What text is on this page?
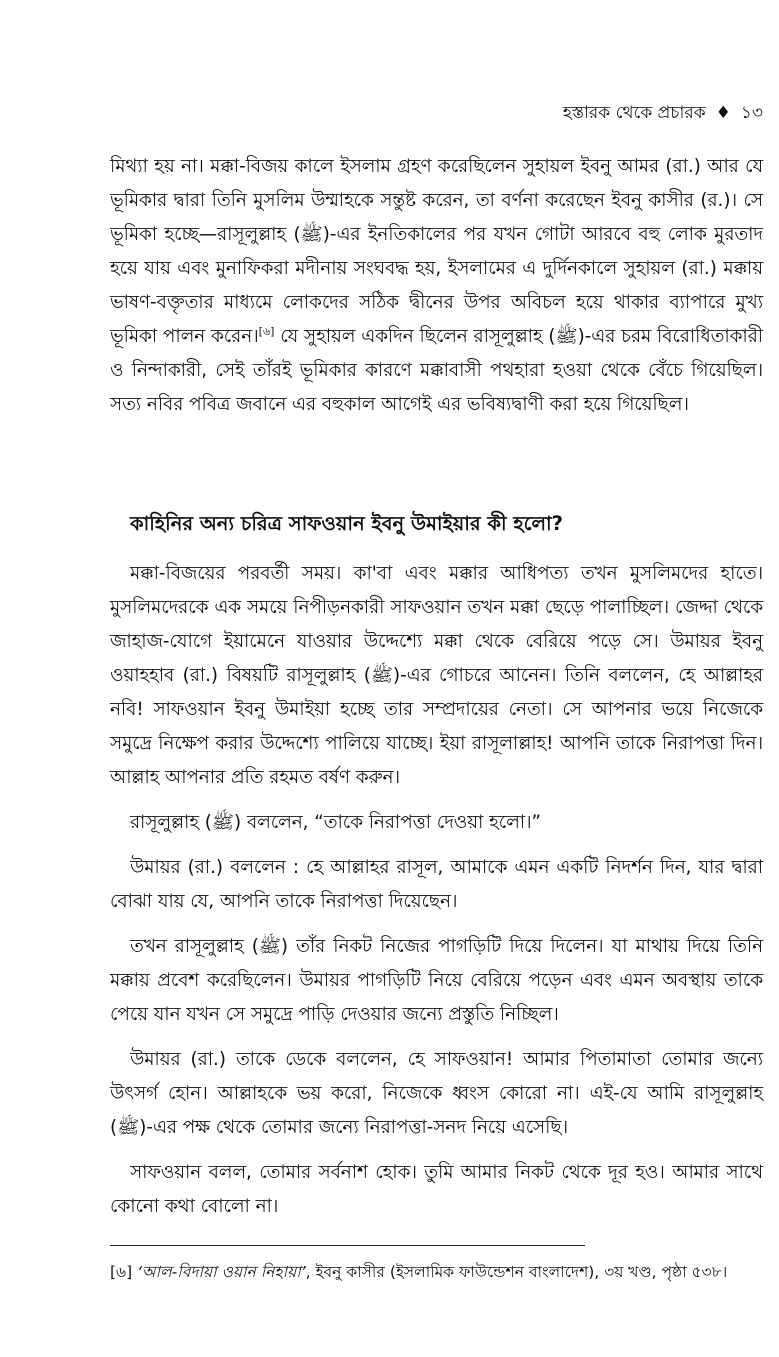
হস্তারক থেকে প্রচারক ♦ ১৩

মিথ্যা হয় না। মক্কা-বিজয় কালে ইসলাম গ্রহণ করেছিলেন সুহায়ল ইবনু আমর (রা.) আর যে ভূমিকার দ্বারা তিনি মুসলিম উম্মাহকে সন্তুষ্ট করেন, তা বর্ণনা করেছেন ইবনু কাসীর (র.)। সে ভূমিকা হচ্ছে—রাসূলুল্লাহ (ﷺ)-এর ইনতিকালের পর যখন গোটা আরবে বহু লোক মুরতাদ হয়ে যায় এবং মুনাফিকরা মদীনায় সংঘবদ্ধ হয়, ইসলামের এ দুর্দিনকালে সুহায়ল (রা.) মক্কায় ভাষণ-বক্তৃতার মাধ্যমে লোকদের সঠিক দ্বীনের উপর অবিচল হয়ে থাকার ব্যাপারে মুখ্য ভূমিকা পালন করেন।[৬] যে সুহায়ল একদিন ছিলেন রাসূলুল্লাহ (ﷺ)-এর চরম বিরোধিতাকারী ও নিন্দাকারী, সেই তাঁরই ভূমিকার কারণে মক্কাবাসী পথহারা হওয়া থেকে বেঁচে গিয়েছিল। সত্য নবির পবিত্র জবানে এর বহুকাল আগেই এর ভবিষ্যদ্বাণী করা হয়ে গিয়েছিল।

কাহিনির অন্য চরিত্র সাফওয়ান ইবনু উমাইয়ার কী হলো?

মক্কা-বিজয়ের পরবর্তী সময়। কা'বা এবং মক্কার আধিপত্য তখন মুসলিমদের হাতে। মুসলিমদেরকে এক সময়ে নিপীড়নকারী সাফওয়ান তখন মক্কা ছেড়ে পালাচ্ছিল। জেদ্দা থেকে জাহাজ-যোগে ইয়ামেনে যাওয়ার উদ্দেশ্যে মক্কা থেকে বেরিয়ে পড়ে সে। উমায়র ইবনু ওয়াহহাব (রা.) বিষয়টি রাসূলুল্লাহ (ﷺ)-এর গোচরে আনেন। তিনি বললেন, হে আল্লাহর নবি! সাফওয়ান ইবনু উমাইয়া হচ্ছে তার সম্প্রদায়ের নেতা। সে আপনার ভয়ে নিজেকে সমুদ্রে নিক্ষেপ করার উদ্দেশ্যে পালিয়ে যাচ্ছে। ইয়া রাসূলাল্লাহ! আপনি তাকে নিরাপত্তা দিন। আল্লাহ আপনার প্রতি রহমত বর্ষণ করুন।

রাসূলুল্লাহ (ﷺ) বললেন, “তাকে নিরাপত্তা দেওয়া হলো।”

উমায়র (রা.) বললেন : হে আল্লাহর রাসূল, আমাকে এমন একটি নিদর্শন দিন, যার দ্বারা বোঝা যায় যে, আপনি তাকে নিরাপত্তা দিয়েছেন।

তখন রাসূলুল্লাহ (ﷺ) তাঁর নিকট নিজের পাগড়িটি দিয়ে দিলেন। যা মাথায় দিয়ে তিনি মক্কায় প্রবেশ করেছিলেন। উমায়র পাগড়িটি নিয়ে বেরিয়ে পড়েন এবং এমন অবস্থায় তাকে পেয়ে যান যখন সে সমুদ্রে পাড়ি দেওয়ার জন্যে প্রস্তুতি নিচ্ছিল।

উমায়র (রা.) তাকে ডেকে বললেন, হে সাফওয়ান! আমার পিতামাতা তোমার জন্যে উৎসর্গ হোন। আল্লাহকে ভয় করো, নিজেকে ধ্বংস কোরো না। এই-যে আমি রাসূলুল্লাহ (ﷺ)-এর পক্ষ থেকে তোমার জন্যে নিরাপত্তা-সনদ নিয়ে এসেছি।

সাফওয়ান বলল, তোমার সর্বনাশ হোক। তুমি আমার নিকট থেকে দূর হও। আমার সাথে কোনো কথা বোলো না।

[৬] ‘আল-বিদায়া ওয়ান নিহায়া’, ইবনু কাসীর (ইসলামিক ফাউন্ডেশন বাংলাদেশ), ৩য় খণ্ড, পৃষ্ঠা ৫৩৮।
